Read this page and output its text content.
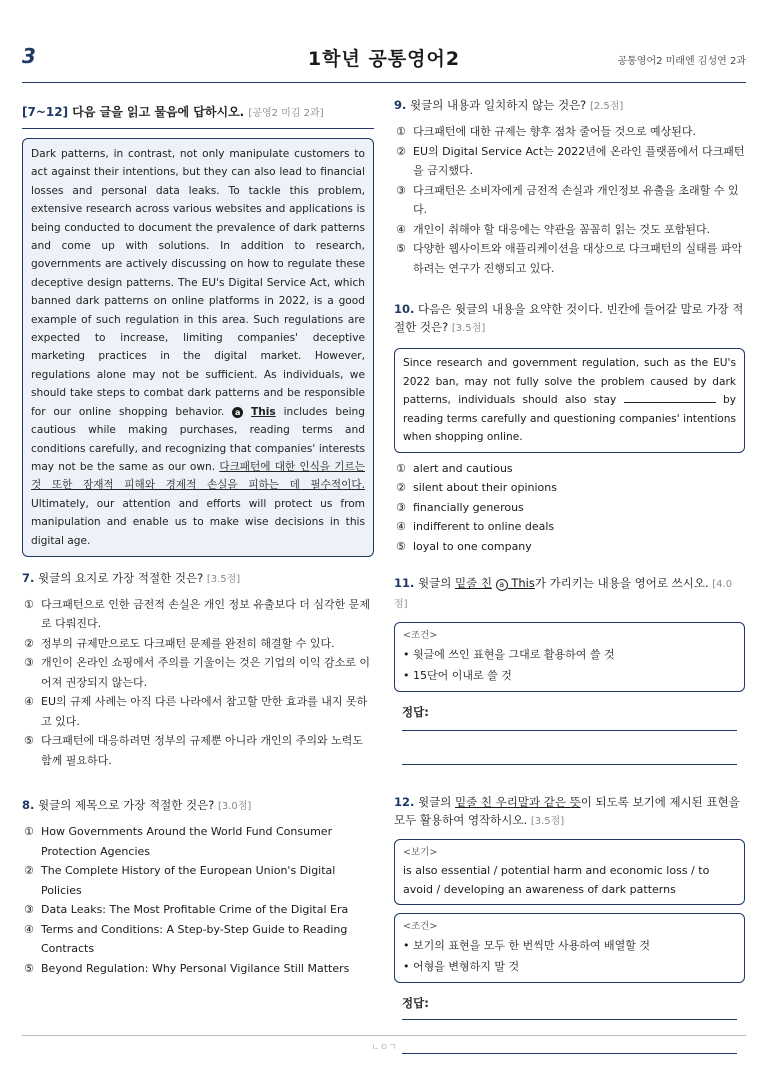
3	1학년 공통영어2	공통영어2 미래엔 김성연 2과
[7~12] 다음 글을 읽고 물음에 답하시오. [공영2 미김 2과]
Dark patterns, in contrast, not only manipulate customers to act against their intentions, but they can also lead to financial losses and personal data leaks. To tackle this problem, extensive research across various websites and applications is being conducted to document the prevalence of dark patterns and come up with solutions. In addition to research, governments are actively discussing on how to regulate these deceptive design patterns. The EU's Digital Service Act, which banned dark patterns on online platforms in 2022, is a good example of such regulation in this area. Such regulations are expected to increase, limiting companies' deceptive marketing practices in the digital market. However, regulations alone may not be sufficient. As individuals, we should take steps to combat dark patterns and be responsible for our online shopping behavior. a This includes being cautious while making purchases, reading terms and conditions carefully, and recognizing that companies' interests may not be the same as our own. 다크패턴에 대한 인식을 기르는 것 또한 잠재적 피해와 경제적 손실을 피하는 데 필수적이다. Ultimately, our attention and efforts will protect us from manipulation and enable us to make wise decisions in this digital age.
7. 윗글의 요지로 가장 적절한 것은? [3.5점]
① 다크패턴으로 인한 금전적 손실은 개인 정보 유출보다 더 심각한 문제로 다뤄진다.
② 정부의 규제만으로도 다크패턴 문제를 완전히 해결할 수 있다.
③ 개인이 온라인 쇼핑에서 주의를 기울이는 것은 기업의 이익 감소로 이어져 권장되지 않는다.
④ EU의 규제 사례는 아직 다른 나라에서 참고할 만한 효과를 내지 못하고 있다.
⑤ 다크패턴에 대응하려면 정부의 규제뿐 아니라 개인의 주의와 노력도 함께 필요하다.
8. 윗글의 제목으로 가장 적절한 것은? [3.0점]
① How Governments Around the World Fund Consumer Protection Agencies
② The Complete History of the European Union's Digital Policies
③ Data Leaks: The Most Profitable Crime of the Digital Era
④ Terms and Conditions: A Step-by-Step Guide to Reading Contracts
⑤ Beyond Regulation: Why Personal Vigilance Still Matters
9. 윗글의 내용과 일치하지 않는 것은? [2.5점]
① 다크패턴에 대한 규제는 향후 점차 줄어들 것으로 예상된다.
② EU의 Digital Service Act는 2022년에 온라인 플랫폼에서 다크패턴을 금지했다.
③ 다크패턴은 소비자에게 금전적 손실과 개인정보 유출을 초래할 수 있다.
④ 개인이 취해야 할 대응에는 약관을 꼼꼼히 읽는 것도 포함된다.
⑤ 다양한 웹사이트와 애플리케이션을 대상으로 다크패턴의 실태를 파악하려는 연구가 진행되고 있다.
10. 다음은 윗글의 내용을 요약한 것이다. 빈칸에 들어갈 말로 가장 적절한 것은? [3.5점]
Since research and government regulation, such as the EU's 2022 ban, may not fully solve the problem caused by dark patterns, individuals should also stay	by reading terms carefully and questioning companies' intentions when shopping online.
① alert and cautious
② silent about their opinions
③ financially generous
④ indifferent to online deals
⑤ loyal to one company
11. 윗글의 밑줄 친 a This가 가리키는 내용을 영어로 쓰시오. [4.0점]
<조건>
• 윗글에 쓰인 표현을 그대로 활용하여 쓸 것
• 15단어 이내로 쓸 것
정답:
12. 윗글의 밑줄 친 우리말과 같은 뜻이 되도록 보기에 제시된 표현을 모두 활용하여 영작하시오. [3.5점]
<보기>
is also essential / potential harm and economic loss / to avoid / developing an awareness of dark patterns
<조건>
• 보기의 표현을 모두 한 번씩만 사용하여 배열할 것
• 어형을 변형하지 말 것
정답:
ㄴㅇㄱ
